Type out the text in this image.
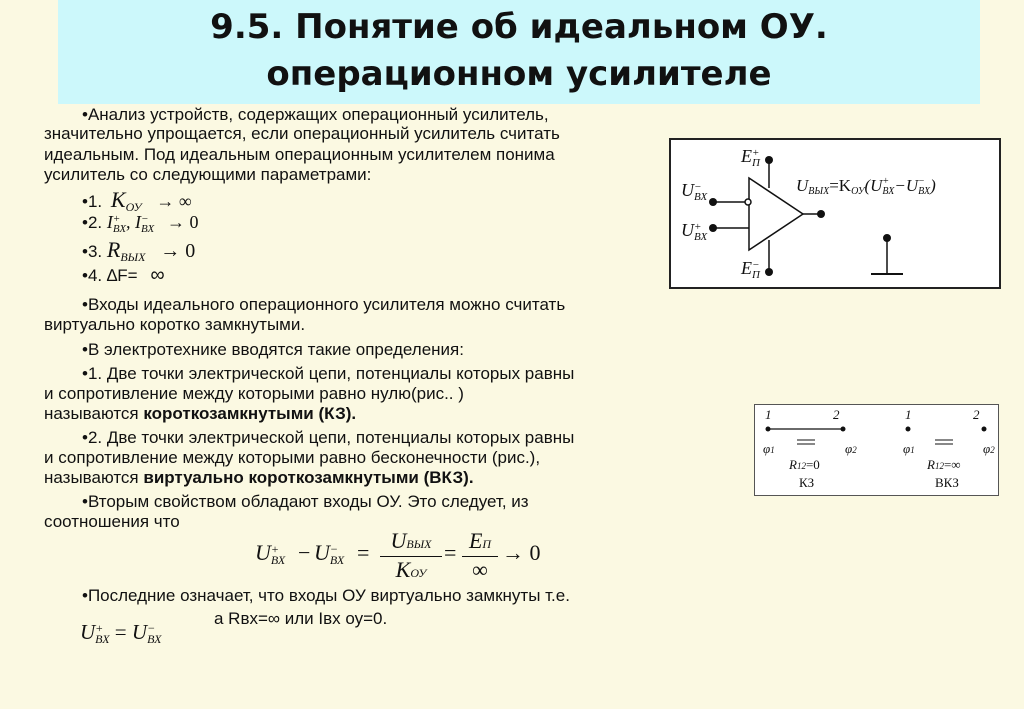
9.5. Понятие об идеальном ОУ.
операционном усилителе
•Анализ устройств, содержащих операционный усилитель,
значительно упрощается, если операционный усилитель считать
идеальным. Под идеальным операционным усилителем понима
усилитель со следующими параметрами:
•1. $K_{ОУ}$ → ∞
•2. I +
ВХ , I −
ВХ → 0
•3. $R_{ВЫХ} \to 0$
•4. ∆F= ∞
•Входы идеального операционного усилителя можно считать
виртуально коротко замкнутыми.
•В электротехнике вводятся такие определения:
•1. Две точки электрической цепи, потенциалы которых равны
и сопротивление между которыми равно нулю(рис.. )
называются короткозамкнутыми (КЗ).
•2. Две точки электрической цепи, потенциалы которых равны
и сопротивление между которыми равно бесконечности (рис.),
называются виртуально короткозамкнутыми (ВКЗ).
•Вторым свойством обладают входы ОУ. Это следует, из
соотношения что
U +
ВХ − U −
ВХ = UВЫХ
KОУ
= EП
∞
→ 0
•Последние означает, что входы ОУ виртуально замкнуты т.е.
а Rвх=∞ или Iвх оу=0.
U +
ВХ = U −
ВХ
E +
П
E −
П
U −
ВХ
U +
ВХ
UВЫХ=KОУ(U +
ВХ −U −
ВХ )
1	2
φ1	φ2
R12=0
КЗ
1	2
φ1	φ2
R12=∞
ВКЗ
